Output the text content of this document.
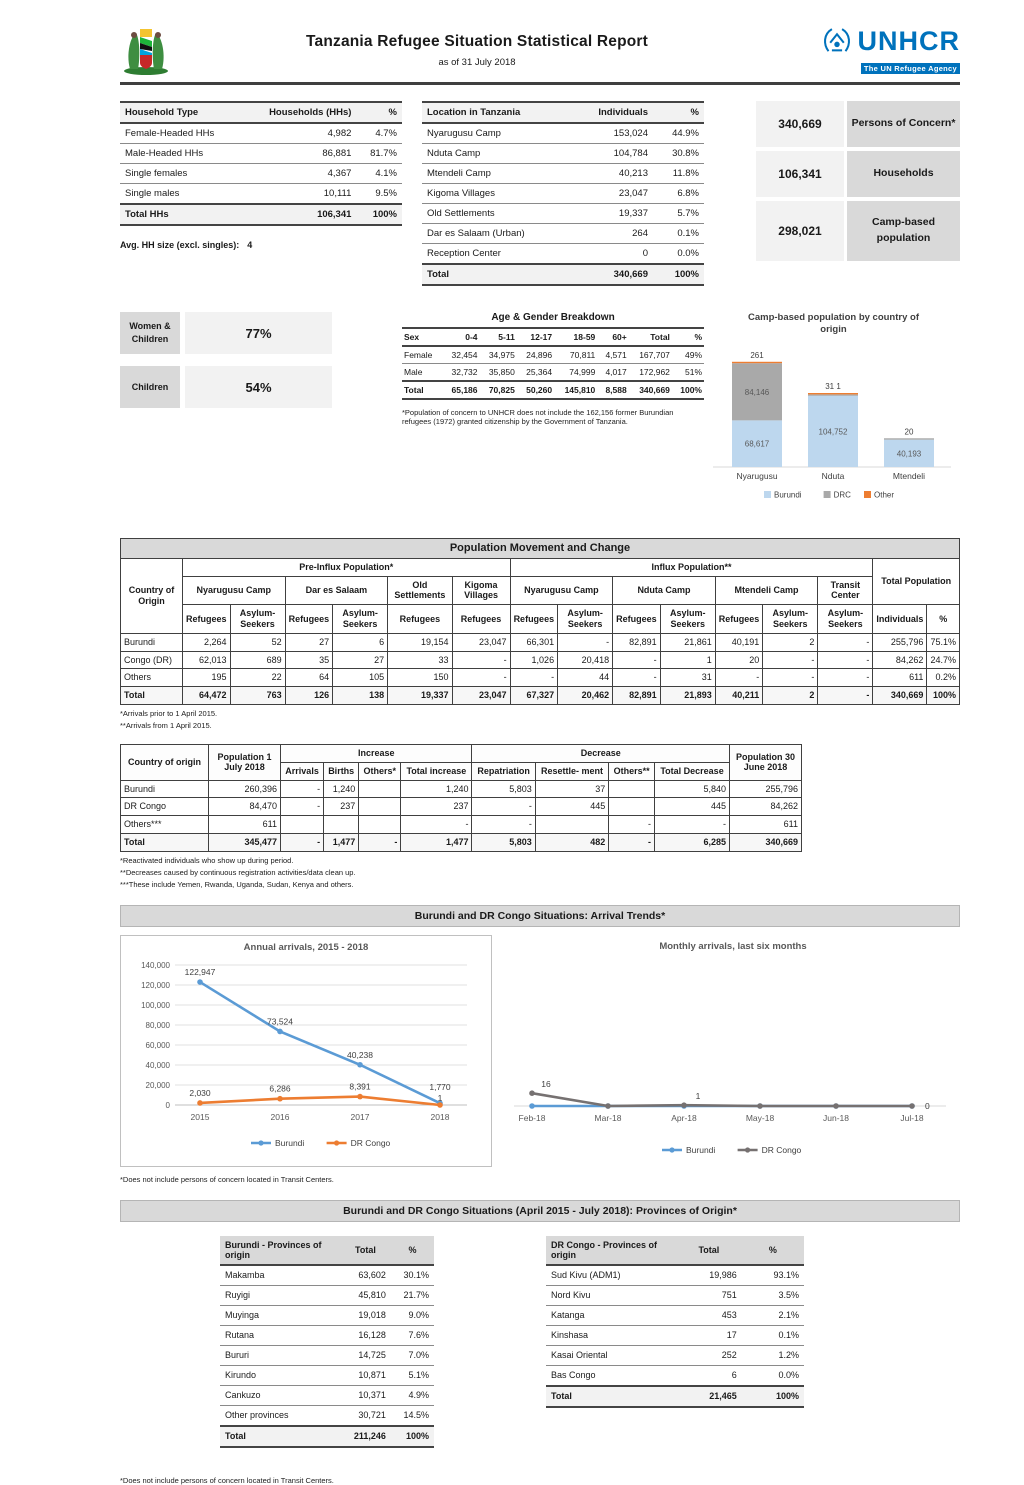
Tanzania Refugee Situation Statistical Report
as of 31 July 2018
UNHCR
The UN Refugee Agency
Household Type	Households (HHs)	%
Female-Headed HHs	4,982	4.7%
Male-Headed HHs	86,881	81.7%
Single females	4,367	4.1%
Single males	10,111	9.5%
Total HHs	106,341	100%
Avg. HH size (excl. singles): 4
Location in Tanzania	Individuals	%
Nyarugusu Camp	153,024	44.9%
Nduta Camp	104,784	30.8%
Mtendeli Camp	40,213	11.8%
Kigoma Villages	23,047	6.8%
Old Settlements	19,337	5.7%
Dar es Salaam (Urban)	264	0.1%
Reception Center	0	0.0%
Total	340,669	100%
340,669	Persons of Concern*
106,341	Households
298,021
Camp-based population
Women & Children	77%
Children	54%
Age & Gender Breakdown
Sex	0-4	5-11	12-17	18-59	60+	Total	%
Female	32,454	34,975	24,896	70,811	4,571	167,707	49%
Male	32,732	35,850	25,364	74,999	4,017	172,962	51%
Total	65,186	70,825	50,260	145,810	8,588	340,669	100%
*Population of concern to UNHCR does not include the 162,156 former Burundian refugees (1972) granted citizenship by the Government of Tanzania.
Camp-based population by country of origin
68,617
84,146
261
Nyarugusu
104,752
31 1
Nduta
40,193
20
Mtendeli
Burundi	DRC	Other
Population Movement and Change															
Country of Origin	Pre-Influx Population*						Influx Population**							Total Population	
	Nyarugusu Camp		Dar es Salaam		Old Settlements	Kigoma Villages	Nyarugusu Camp		Nduta Camp		Mtendeli Camp		Transit Center		
	Refugees	Asylum-Seekers	Refugees	Asylum-Seekers	Refugees	Refugees	Refugees	Asylum-Seekers	Refugees	Asylum-Seekers	Refugees	Asylum-Seekers	Asylum-Seekers	Individuals	%
Burundi	2,264	52	27	6	19,154	23,047	66,301	-	82,891	21,861	40,191	2	-	255,796	75.1%
Congo (DR)	62,013	689	35	27	33	-	1,026	20,418	-	1	20	-	-	84,262	24.7%
Others	195	22	64	105	150	-	-	44	-	31	-	-	-	611	0.2%
Total	64,472	763	126	138	19,337	23,047	67,327	20,462	82,891	21,893	40,211	2	-	340,669	100%
*Arrivals prior to 1 April 2015.
**Arrivals from 1 April 2015.
Country of origin	Population 1 July 2018	Increase				Decrease				Population 30 June 2018
		Arrivals	Births	Others*	Total increase	Repatriation	Resettle- ment	Others**	Total Decrease	
Burundi	260,396	-	1,240		1,240	5,803	37		5,840	255,796
DR Congo	84,470	-	237		237	-	445		445	84,262
Others***	611				-	-		-	-	611
Total	345,477	-	1,477	-	1,477	5,803	482	-	6,285	340,669
*Reactivated individuals who show up during period.
**Decreases caused by continuous registration activities/data clean up.
***These include Yemen, Rwanda, Uganda, Sudan, Kenya and others.
Burundi and DR Congo Situations: Arrival Trends*
Annual arrivals, 2015 - 2018
0
20,000
40,000
60,000
80,000
100,000
120,000
140,000
122,947
73,524
40,238
1,770
2,030	6,286	8,391
1
2015	2016	2017	2018
Burundi	DR Congo
Monthly arrivals, last six months
16
1
0
Feb-18	Mar-18	Apr-18	May-18	Jun-18	Jul-18
Burundi	DR Congo
*Does not include persons of concern located in Transit Centers.
Burundi and DR Congo Situations (April 2015 - July 2018): Provinces of Origin*
Burundi - Provinces of origin	Total	%
Makamba	63,602	30.1%
Ruyigi	45,810	21.7%
Muyinga	19,018	9.0%
Rutana	16,128	7.6%
Bururi	14,725	7.0%
Kirundo	10,871	5.1%
Cankuzo	10,371	4.9%
Other provinces	30,721	14.5%
Total	211,246	100%
DR Congo - Provinces of origin	Total	%
Sud Kivu (ADM1)	19,986	93.1%
Nord Kivu	751	3.5%
Katanga	453	2.1%
Kinshasa	17	0.1%
Kasai Oriental	252	1.2%
Bas Congo	6	0.0%
Total	21,465	100%
*Does not include persons of concern located in Transit Centers.
